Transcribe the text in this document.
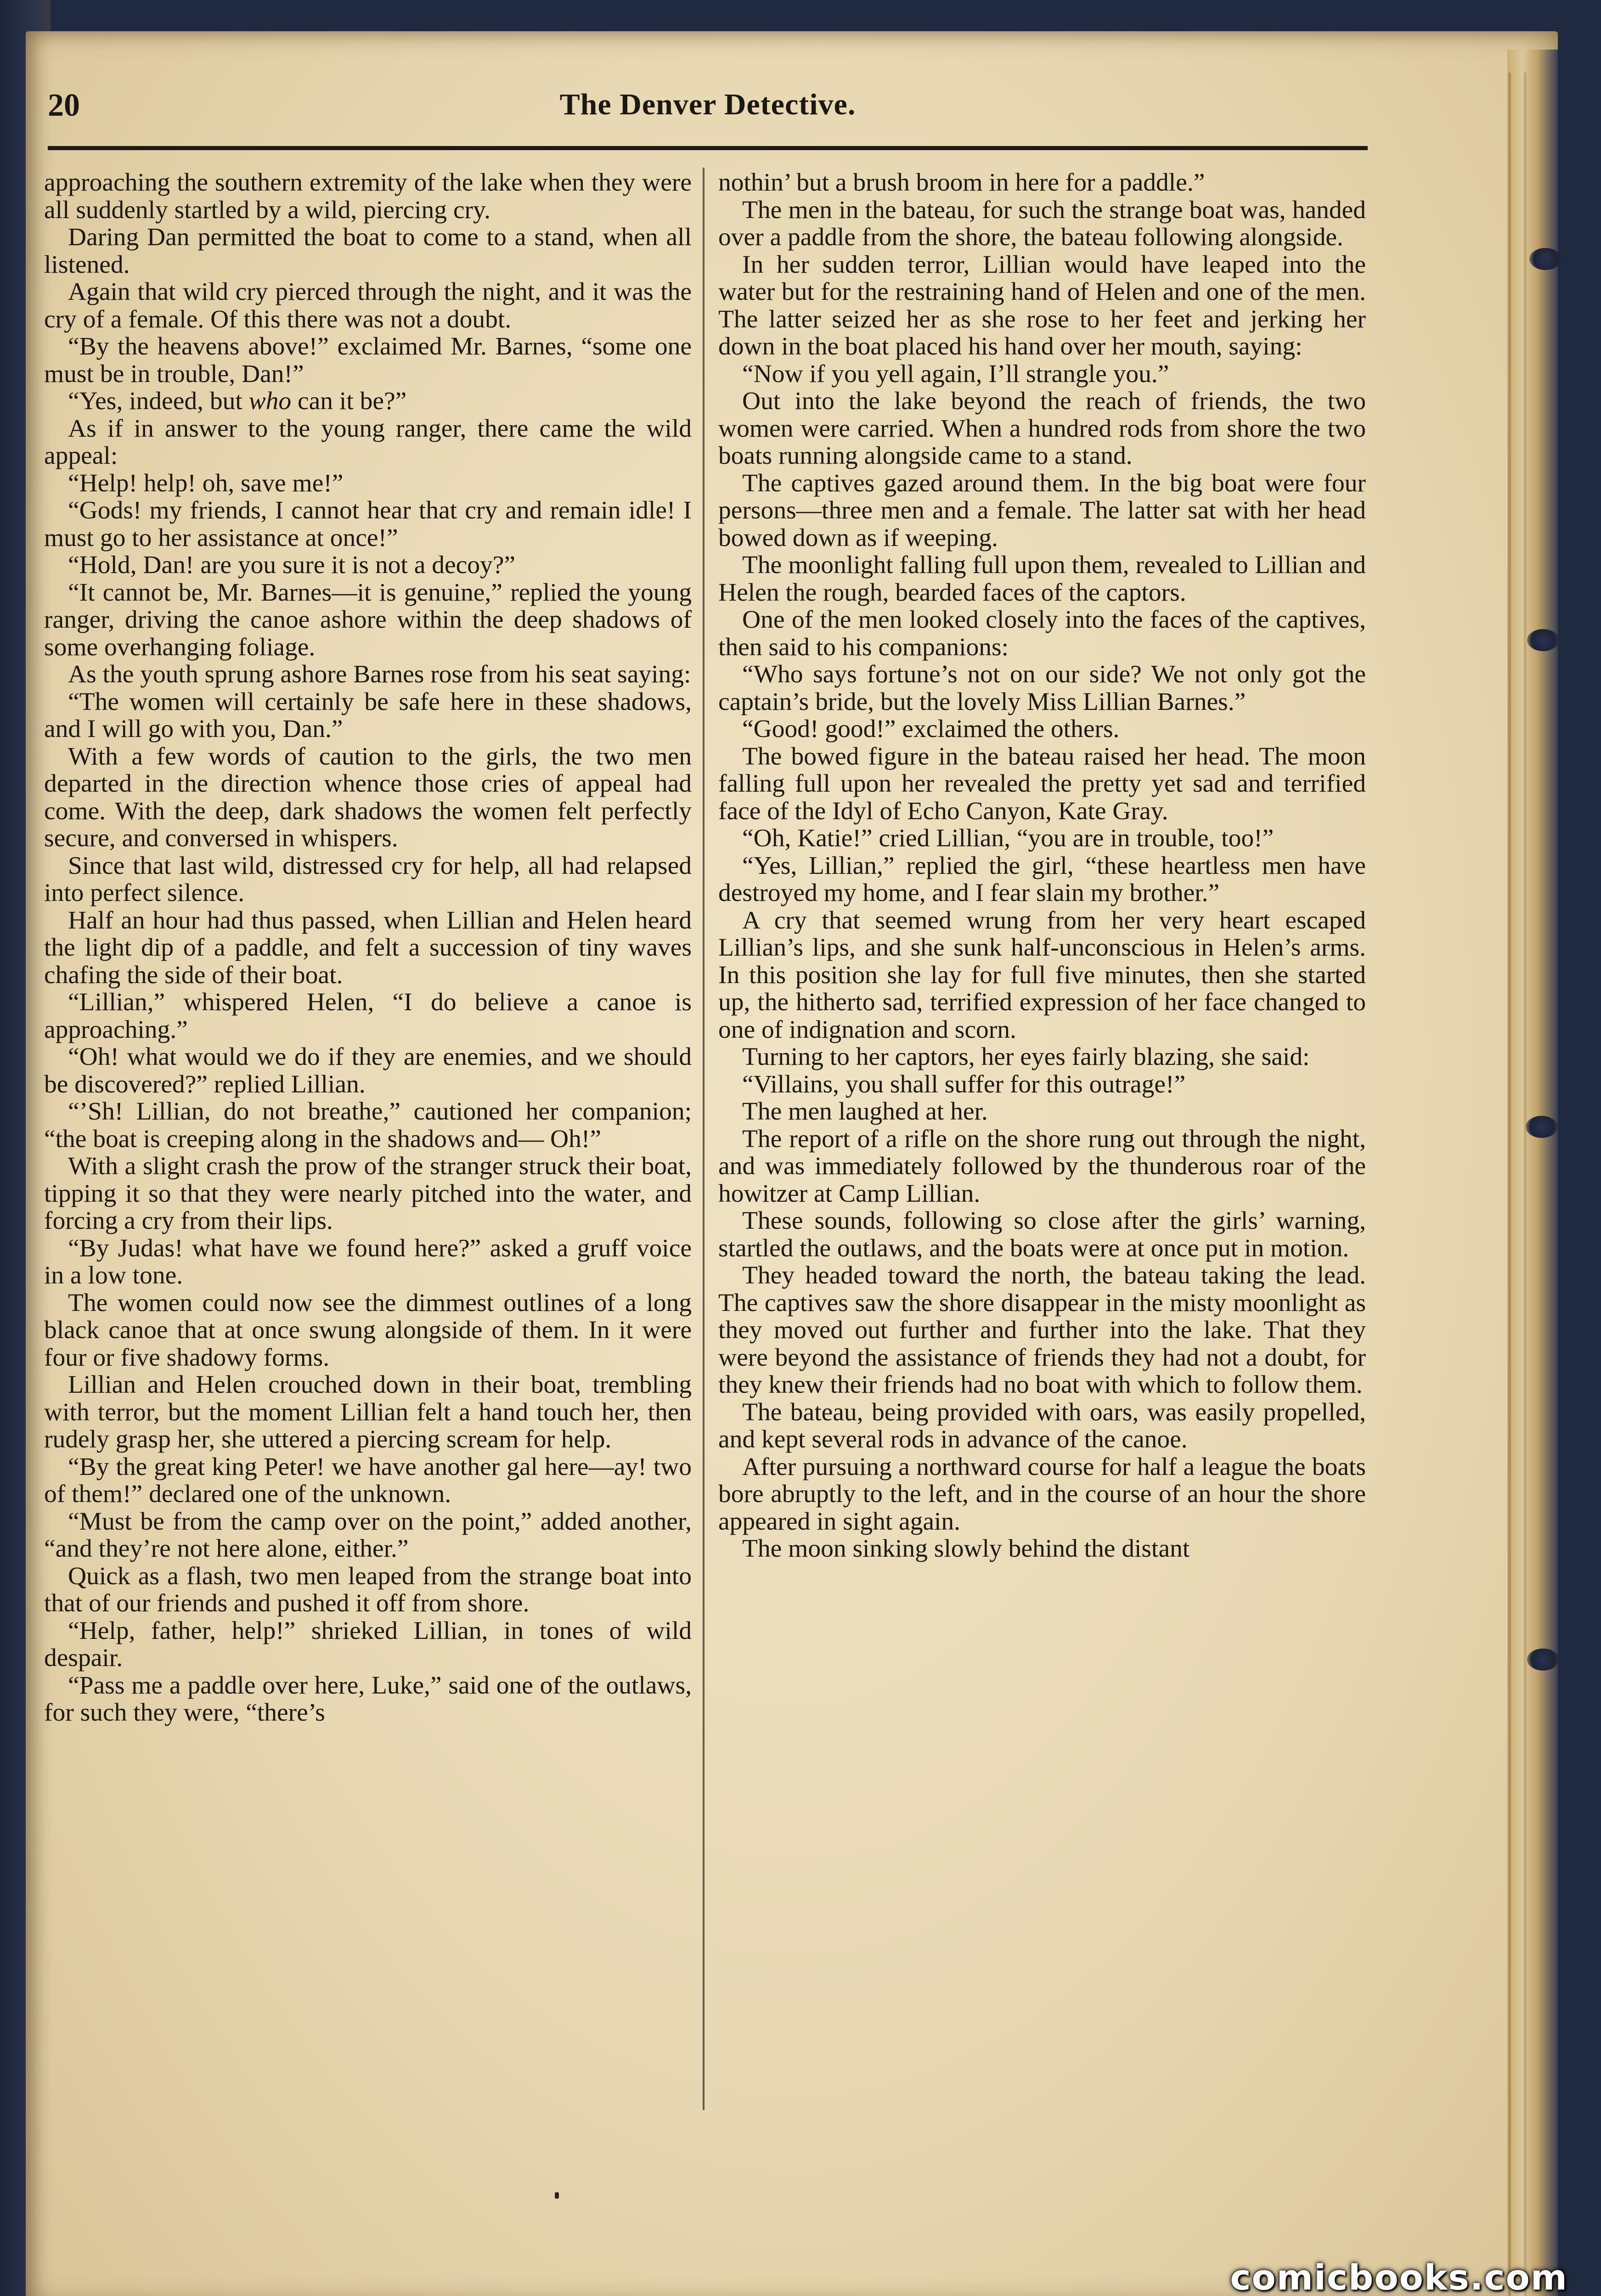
20	The Denver Detective.

approaching the southern extremity of the lake when they were all suddenly startled by a wild, piercing cry.

Daring Dan permitted the boat to come to a stand, when all listened.

Again that wild cry pierced through the night, and it was the cry of a female. Of this there was not a doubt.

“By the heavens above!” exclaimed Mr. Barnes, “some one must be in trouble, Dan!”

“Yes, indeed, but who can it be?”

As if in answer to the young ranger, there came the wild appeal:

“Help! help! oh, save me!”

“Gods! my friends, I cannot hear that cry and remain idle! I must go to her assistance at once!”

“Hold, Dan! are you sure it is not a decoy?”

“It cannot be, Mr. Barnes—it is genuine,” replied the young ranger, driving the canoe ashore within the deep shadows of some overhanging foliage.

As the youth sprung ashore Barnes rose from his seat saying:

“The women will certainly be safe here in these shadows, and I will go with you, Dan.”

With a few words of caution to the girls, the two men departed in the direction whence those cries of appeal had come. With the deep, dark shadows the women felt perfectly secure, and conversed in whispers.

Since that last wild, distressed cry for help, all had relapsed into perfect silence.

Half an hour had thus passed, when Lillian and Helen heard the light dip of a paddle, and felt a succession of tiny waves chafing the side of their boat.

“Lillian,” whispered Helen, “I do believe a canoe is approaching.”

“Oh! what would we do if they are enemies, and we should be discovered?” replied Lillian.

“’Sh! Lillian, do not breathe,” cautioned her companion; “the boat is creeping along in the shadows and— Oh!”

With a slight crash the prow of the stranger struck their boat, tipping it so that they were nearly pitched into the water, and forcing a cry from their lips.

“By Judas! what have we found here?” asked a gruff voice in a low tone.

The women could now see the dimmest outlines of a long black canoe that at once swung alongside of them. In it were four or five shadowy forms.

Lillian and Helen crouched down in their boat, trembling with terror, but the moment Lillian felt a hand touch her, then rudely grasp her, she uttered a piercing scream for help.

“By the great king Peter! we have another gal here—ay! two of them!” declared one of the unknown.

“Must be from the camp over on the point,” added another, “and they’re not here alone, either.”

Quick as a flash, two men leaped from the strange boat into that of our friends and pushed it off from shore.

“Help, father, help!” shrieked Lillian, in tones of wild despair.

“Pass me a paddle over here, Luke,” said one of the outlaws, for such they were, “there’s

nothin’ but a brush broom in here for a paddle.”

The men in the bateau, for such the strange boat was, handed over a paddle from the shore, the bateau following alongside.

In her sudden terror, Lillian would have leaped into the water but for the restraining hand of Helen and one of the men. The latter seized her as she rose to her feet and jerking her down in the boat placed his hand over her mouth, saying:

“Now if you yell again, I’ll strangle you.”

Out into the lake beyond the reach of friends, the two women were carried. When a hundred rods from shore the two boats running alongside came to a stand.

The captives gazed around them. In the big boat were four persons—three men and a female. The latter sat with her head bowed down as if weeping.

The moonlight falling full upon them, revealed to Lillian and Helen the rough, bearded faces of the captors.

One of the men looked closely into the faces of the captives, then said to his companions:

“Who says fortune’s not on our side? We not only got the captain’s bride, but the lovely Miss Lillian Barnes.”

“Good! good!” exclaimed the others.

The bowed figure in the bateau raised her head. The moon falling full upon her revealed the pretty yet sad and terrified face of the Idyl of Echo Canyon, Kate Gray.

“Oh, Katie!” cried Lillian, “you are in trouble, too!”

“Yes, Lillian,” replied the girl, “these heartless men have destroyed my home, and I fear slain my brother.”

A cry that seemed wrung from her very heart escaped Lillian’s lips, and she sunk half-unconscious in Helen’s arms. In this position she lay for full five minutes, then she started up, the hitherto sad, terrified expression of her face changed to one of indignation and scorn.

Turning to her captors, her eyes fairly blazing, she said:

“Villains, you shall suffer for this outrage!”

The men laughed at her.

The report of a rifle on the shore rung out through the night, and was immediately followed by the thunderous roar of the howitzer at Camp Lillian.

These sounds, following so close after the girls’ warning, startled the outlaws, and the boats were at once put in motion.

They headed toward the north, the bateau taking the lead. The captives saw the shore disappear in the misty moonlight as they moved out further and further into the lake. That they were beyond the assistance of friends they had not a doubt, for they knew their friends had no boat with which to follow them.

The bateau, being provided with oars, was easily propelled, and kept several rods in advance of the canoe.

After pursuing a northward course for half a league the boats bore abruptly to the left, and in the course of an hour the shore appeared in sight again.

The moon sinking slowly behind the distant

comicbooks.com
